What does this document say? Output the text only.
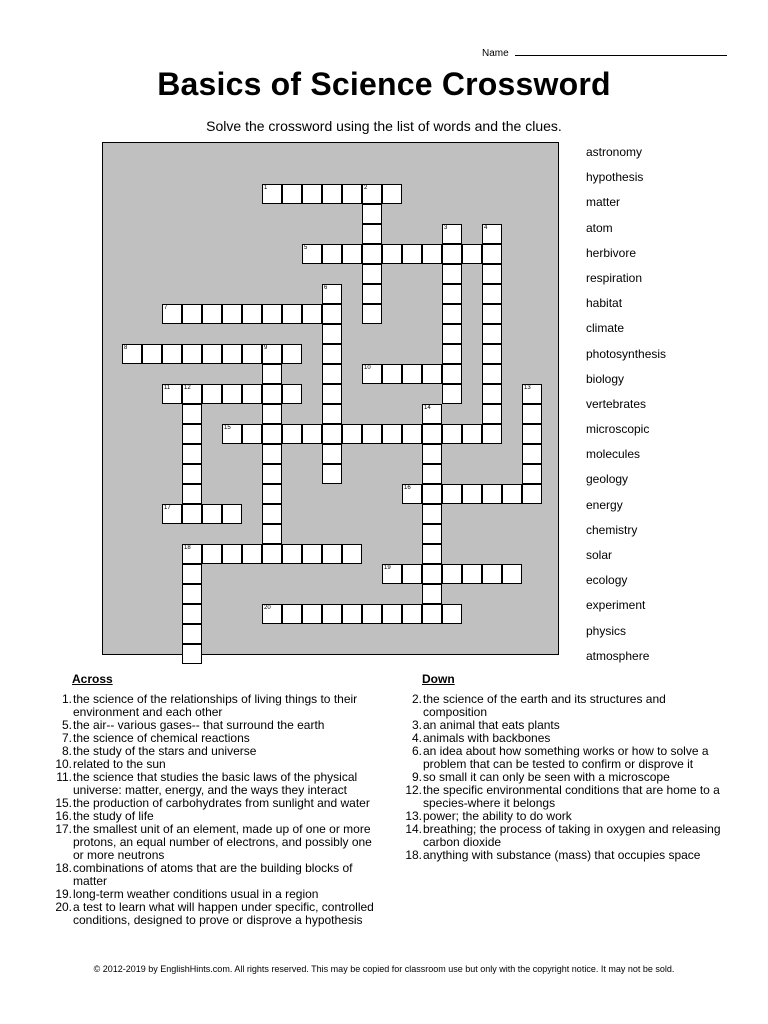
Name
Basics of Science Crossword
Solve the crossword using the list of words and the clues.
1	2
3	4
5
6
7
8	9
10
11 12	13
14
15
16
17
18
19
20
astronomy
hypothesis
matter
atom
herbivore
respiration
habitat
climate
photosynthesis
biology
vertebrates
microscopic
molecules
geology
energy
chemistry
solar
ecology
experiment
physics
atmosphere
Across
1. the science of the relationships of living things to their environment and each other
5. the air-- various gases-- that surround the earth
7. the science of chemical reactions
8. the study of the stars and universe
10. related to the sun
11. the science that studies the basic laws of the physical universe: matter, energy, and the ways they interact
15. the production of carbohydrates from sunlight and water
16. the study of life
17. the smallest unit of an element, made up of one or more protons, an equal number of electrons, and possibly one or more neutrons
18. combinations of atoms that are the building blocks of matter
19. long-term weather conditions usual in a region
20. a test to learn what will happen under specific, controlled conditions, designed to prove or disprove a hypothesis
Down
2. the science of the earth and its structures and composition
3. an animal that eats plants
4. animals with backbones
6. an idea about how something works or how to solve a problem that can be tested to confirm or disprove it
9. so small it can only be seen with a microscope
12. the specific environmental conditions that are home to a species-where it belongs
13. power; the ability to do work
14. breathing; the process of taking in oxygen and releasing carbon dioxide
18. anything with substance (mass) that occupies space
© 2012-2019 by EnglishHints.com. All rights reserved. This may be copied for classroom use but only with the copyright notice. It may not be sold.
